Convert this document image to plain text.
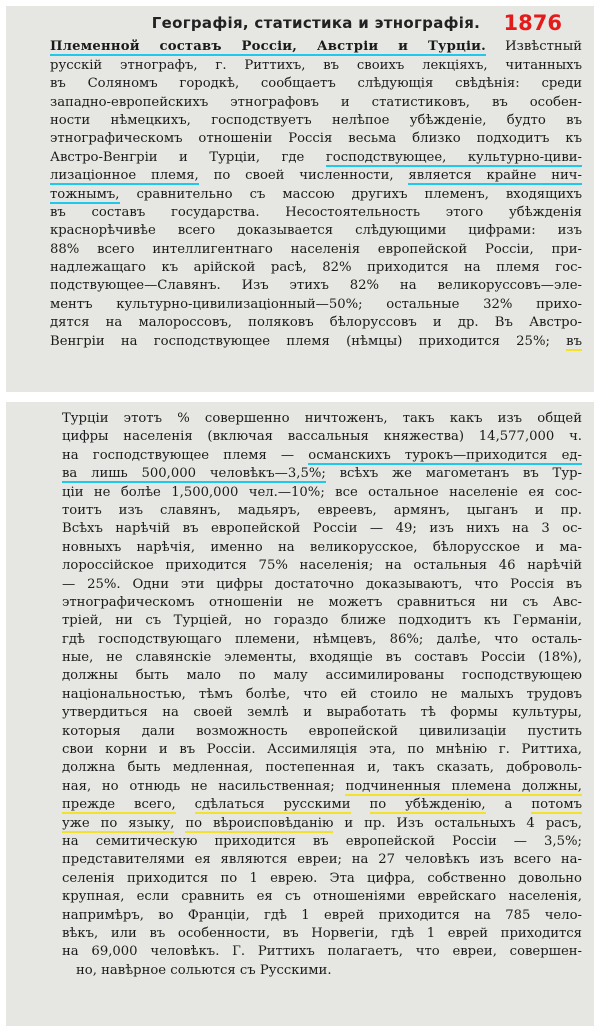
Географія, статистика и этнографія.	1876
Племенной составъ Россіи, Австріи и Турціи. Извѣстный
русскій этнографъ, г. Риттихъ, въ своихъ лекціяхъ, читанныхъ
въ Соляномъ городкѣ, сообщаетъ слѣдующія свѣдѣнія: среди
западно-европейскихъ этнографовъ и статистиковъ, въ особен-
ности нѣмецкихъ, господствуетъ нелѣпое убѣжденіе, будто въ
этнографическомъ отношеніи Россія весьма близко подходитъ къ
Австро-Венгріи и Турціи, где господствующее, культурно-циви-
лизаціонное племя, по своей численности, является крайне нич-
тожнымъ, сравнительно съ массою другихъ племенъ, входящихъ
въ составъ государства. Несостоятельность этого убѣжденія
краснорѣчивѣе всего доказывается слѣдующими цифрами: изъ
88% всего интеллигентнаго населенія европейской Россіи, при-
надлежащаго къ арійской расѣ, 82% приходится на племя гос-
подствующее—Славянъ. Изъ этихъ 82% на великоруссовъ—эле-
ментъ культурно-цивилизаціонный—50%; остальные 32% прихо-
дятся на малороссовъ, поляковъ бѣлоруссовъ и др. Въ Австро-
Венгріи на господствующее племя (нѣмцы) приходится 25%; въ
Турціи этотъ % совершенно ничтоженъ, такъ какъ изъ общей
цифры населенія (включая вассальныя княжества) 14,577,000 ч.
на господствующее племя — османскихъ турокъ—приходится ед-
ва лишь 500,000 человѣкъ—3,5%; всѣхъ же магометанъ въ Тур-
ціи не болѣе 1,500,000 чел.—10%; все остальное населеніе ея сос-
тоитъ изъ славянъ, мадьяръ, евреевъ, армянъ, цыганъ и пр.
Всѣхъ нарѣчій въ европейской Россіи — 49; изъ нихъ на 3 ос-
новныхъ нарѣчія, именно на великорусское, бѣлорусское и ма-
лороссійское приходится 75% населенія; на остальныя 46 нарѣчій
— 25%. Одни эти цифры достаточно доказываютъ, что Россія въ
этнографическомъ отношеніи не можетъ сравниться ни съ Авс-
тріей, ни съ Турціей, но гораздо ближе подходитъ къ Германіи,
гдѣ господствующаго племени, нѣмцевъ, 86%; далѣе, что осталь-
ные, не славянскіе элементы, входящіе въ составъ Россіи (18%),
должны быть мало по малу ассимилированы господствующею
національностью, тѣмъ болѣе, что ей стоило не малыхъ трудовъ
утвердиться на своей землѣ и выработать тѣ формы культуры,
которыя дали возможность европейской цивилизаціи пустить
свои корни и въ Россіи. Ассимиляція эта, по мнѣнію г. Риттиха,
должна быть медленная, постепенная и, такъ сказать, доброволь-
ная, но отнюдь не насильственная; подчиненныя племена должны,
прежде всего, сдѣлаться русскими по убѣжденію, а потомъ
уже по языку, по вѣроисповѣданію и пр. Изъ остальныхъ 4 расъ,
на семитическую приходится въ европейской Россіи — 3,5%;
представителями ея являются евреи; на 27 человѣкъ изъ всего на-
селенія приходится по 1 еврею. Эта цифра, собственно довольно
крупная, если сравнить ея съ отношеніями еврейскаго населенія,
напримѣръ, во Франціи, гдѣ 1 еврей приходится на 785 чело-
вѣкъ, или въ особенности, въ Норвегіи, гдѣ 1 еврей приходится
на 69,000 человѣкъ. Г. Риттихъ полагаетъ, что евреи, совершен-
но, навѣрное сольются съ Русскими.
